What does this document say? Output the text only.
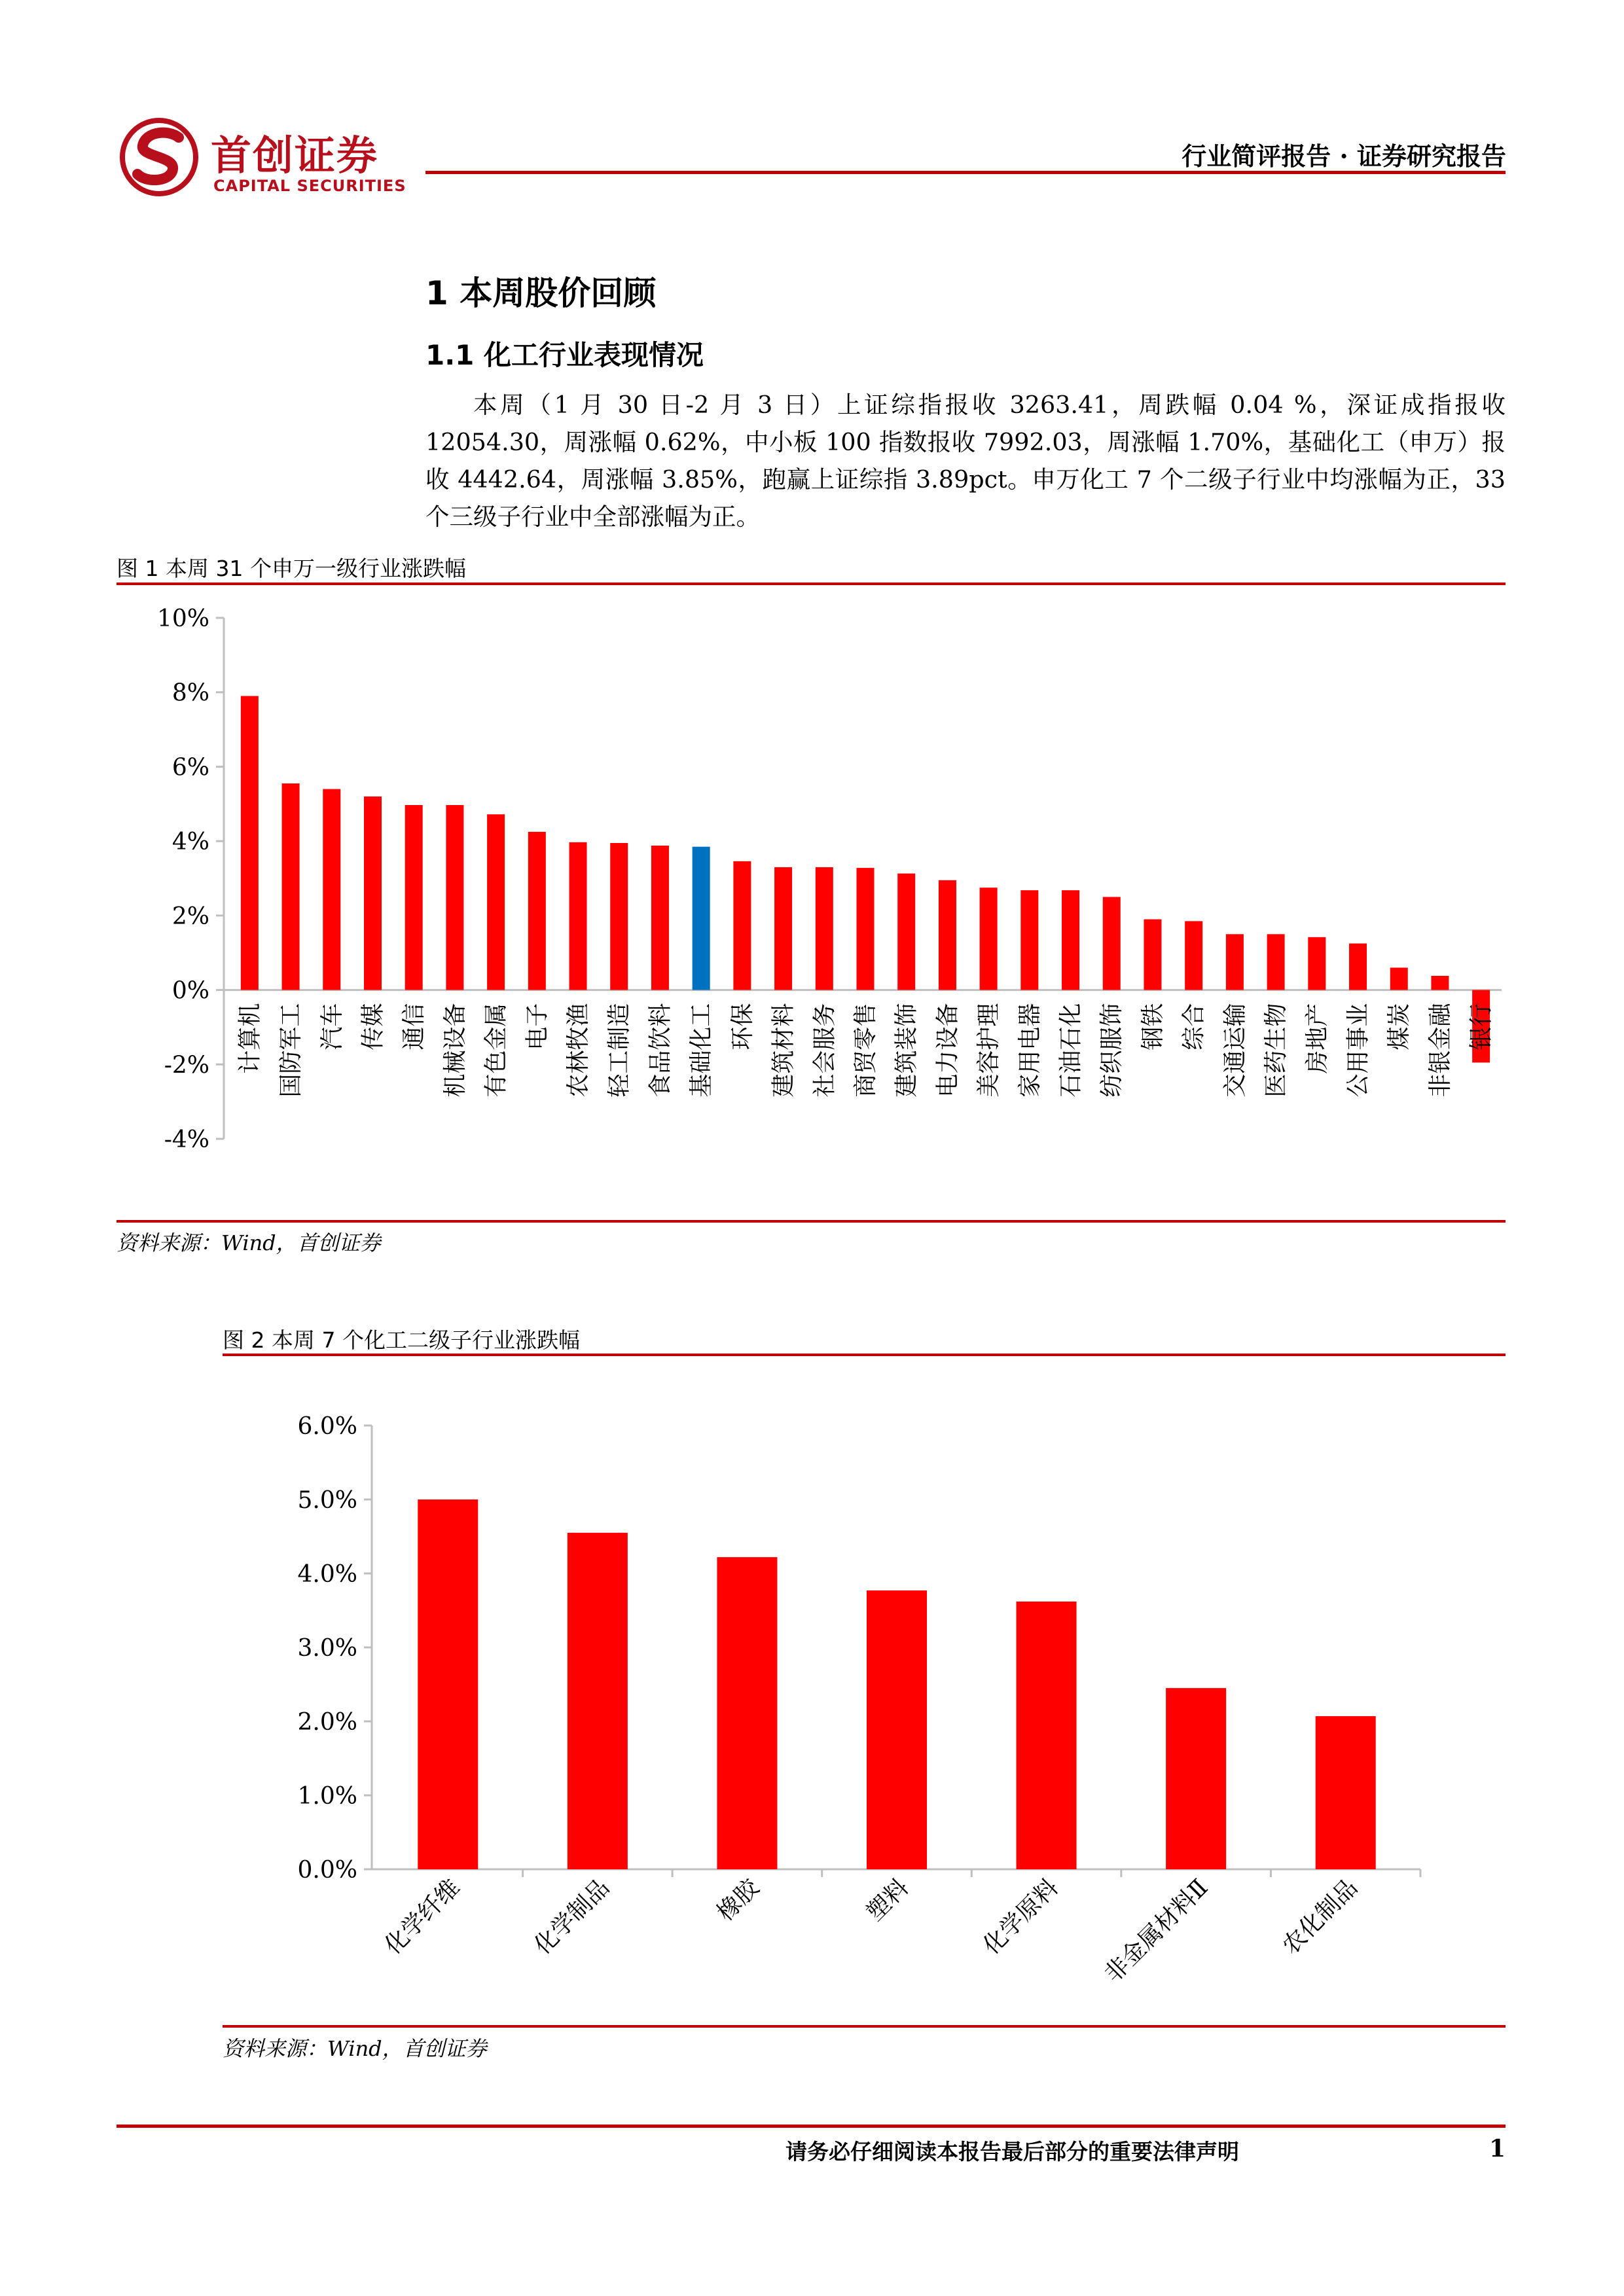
首创证券
CAPITAL SECURITIES
行业简评报告 · 证券研究报告
1 本周股价回顾
1.1 化工行业表现情况
本周（1 月 30 日-2 月 3 日）上证综指报收 3263.41，周跌幅 0.04 %，深证成指报收 12054.30，周涨幅 0.62%，中小板 100 指数报收 7992.03，周涨幅 1.70%，基础化工（申万）报收 4442.64，周涨幅 3.85%，跑赢上证综指 3.89pct。申万化工 7 个二级子行业中均涨幅为正，33 个三级子行业中全部涨幅为正。
图 1 本周 31 个申万一级行业涨跌幅
10%
8%
6%
4%
2%
0%
-2%
-4%
计算机 国防军工 汽车 传媒 通信 机械设备 有色金属 电子 农林牧渔 轻工制造 食品饮料 基础化工 环保 建筑材料 社会服务 商贸零售 建筑装饰 电力设备 美容护理 家用电器 石油石化 纺织服饰 钢铁 综合 交通运输 医药生物 房地产 公用事业 煤炭 非银金融 银行
资料来源：Wind，首创证券
图 2 本周 7 个化工二级子行业涨跌幅
6.0%
5.0%
4.0%
3.0%
2.0%
1.0%
0.0%
化学纤维	化学制品	橡胶	塑料	化学原料 非金属材料Ⅱ	农化制品
资料来源：Wind，首创证券
请务必仔细阅读本报告最后部分的重要法律声明	1
